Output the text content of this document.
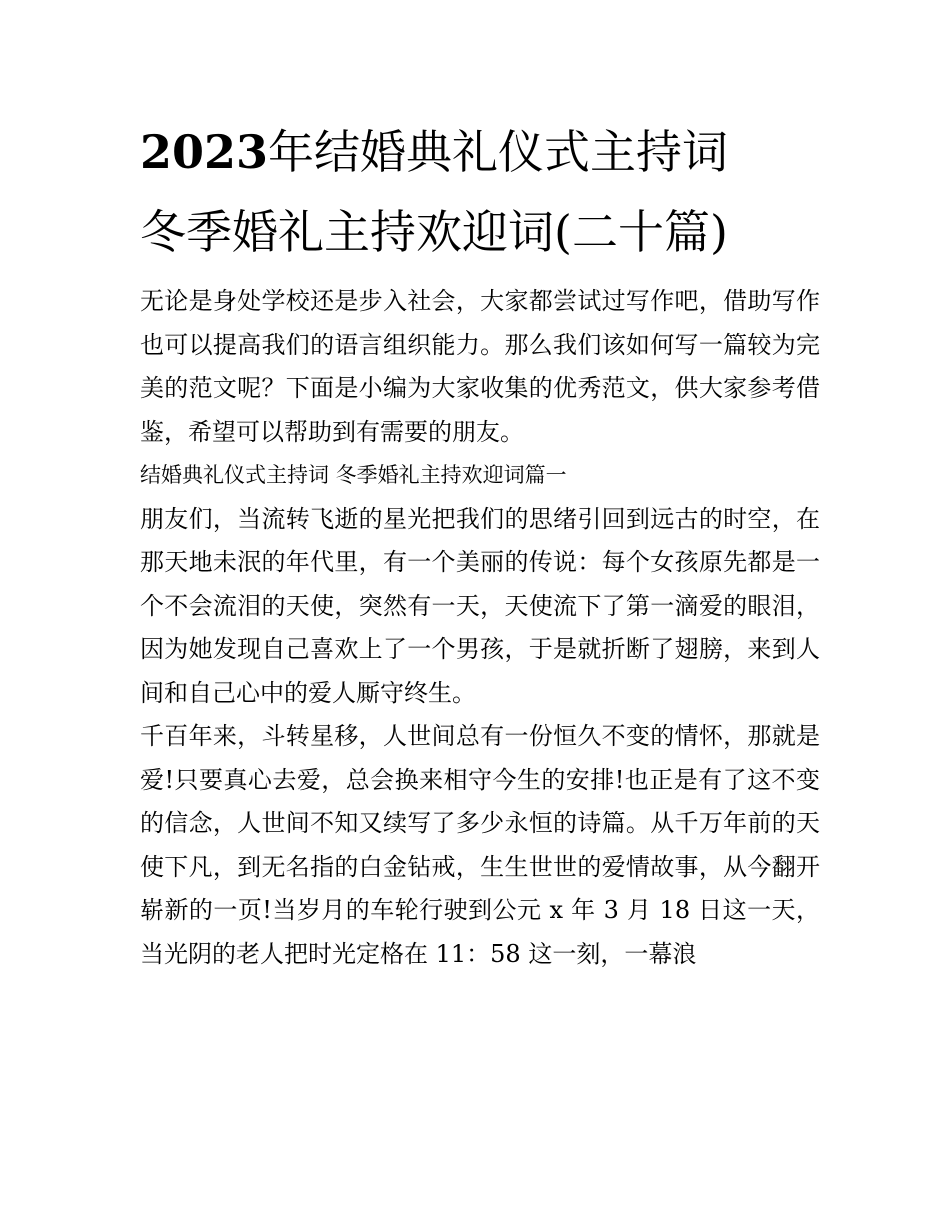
2023年结婚典礼仪式主持词
冬季婚礼主持欢迎词(二十篇)

无论是身处学校还是步入社会，大家都尝试过写作吧，借助写作也可以提高我们的语言组织能力。那么我们该如何写一篇较为完美的范文呢？下面是小编为大家收集的优秀范文，供大家参考借鉴，希望可以帮助到有需要的朋友。

结婚典礼仪式主持词 冬季婚礼主持欢迎词篇一

朋友们，当流转飞逝的星光把我们的思绪引回到远古的时空，在那天地未泯的年代里，有一个美丽的传说：每个女孩原先都是一个不会流泪的天使，突然有一天，天使流下了第一滴爱的眼泪，因为她发现自己喜欢上了一个男孩，于是就折断了翅膀，来到人间和自己心中的爱人厮守终生。

千百年来，斗转星移，人世间总有一份恒久不变的情怀，那就是爱!只要真心去爱，总会换来相守今生的安排!也正是有了这不变的信念，人世间不知又续写了多少永恒的诗篇。从千万年前的天使下凡，到无名指的白金钻戒，生生世世的爱情故事，从今翻开崭新的一页!当岁月的车轮行驶到公元 x 年 3 月 18 日这一天，当光阴的老人把时光定格在 11：58 这一刻，一幕浪
